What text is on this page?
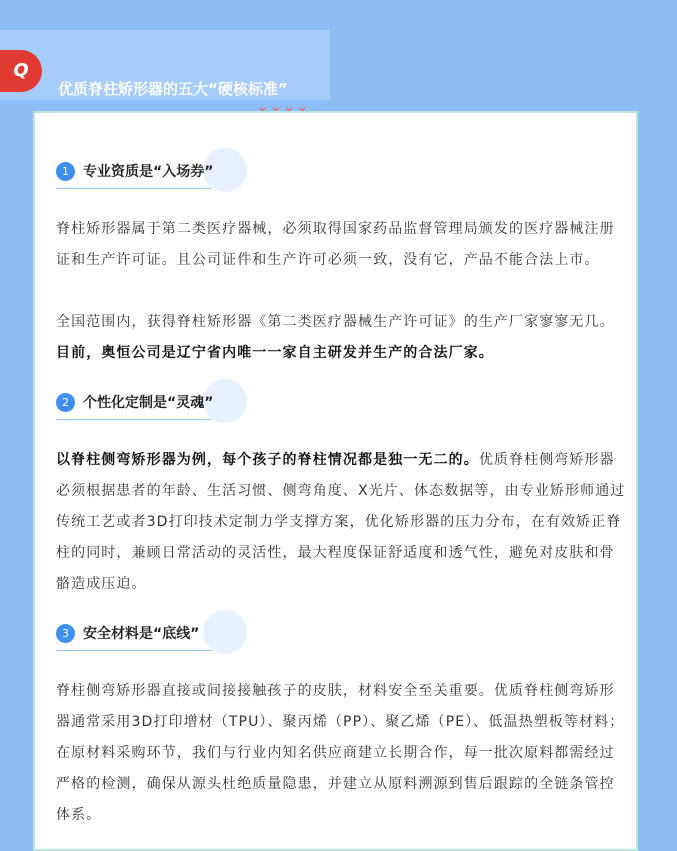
Q
优质脊柱矫形器的五大“硬核标准”
1	专业资质是“入场券”

脊柱矫形器属于第二类医疗器械，必须取得国家药品监督管理局颁发的医疗器械注册证和生产许可证。且公司证件和生产许可必须一致，没有它，产品不能合法上市。

全国范围内，获得脊柱矫形器《第二类医疗器械生产许可证》的生产厂家寥寥无几。目前，奥恒公司是辽宁省内唯一一家自主研发并生产的合法厂家。

2	个性化定制是“灵魂”

以脊柱侧弯矫形器为例，每个孩子的脊柱情况都是独一无二的。优质脊柱侧弯矫形器必须根据患者的年龄、生活习惯、侧弯角度、X光片、体态数据等，由专业矫形师通过传统工艺或者3D打印技术定制力学支撑方案，优化矫形器的压力分布，在有效矫正脊柱的同时，兼顾日常活动的灵活性，最大程度保证舒适度和透气性，避免对皮肤和骨骼造成压迫。

3	安全材料是“底线”

脊柱侧弯矫形器直接或间接接触孩子的皮肤，材料安全至关重要。优质脊柱侧弯矫形器通常采用3D打印增材（TPU）、聚丙烯（PP）、聚乙烯（PE）、低温热塑板等材料；在原材料采购环节，我们与行业内知名供应商建立长期合作，每一批次原料都需经过严格的检测，确保从源头杜绝质量隐患，并建立从原料溯源到售后跟踪的全链条管控体系。
